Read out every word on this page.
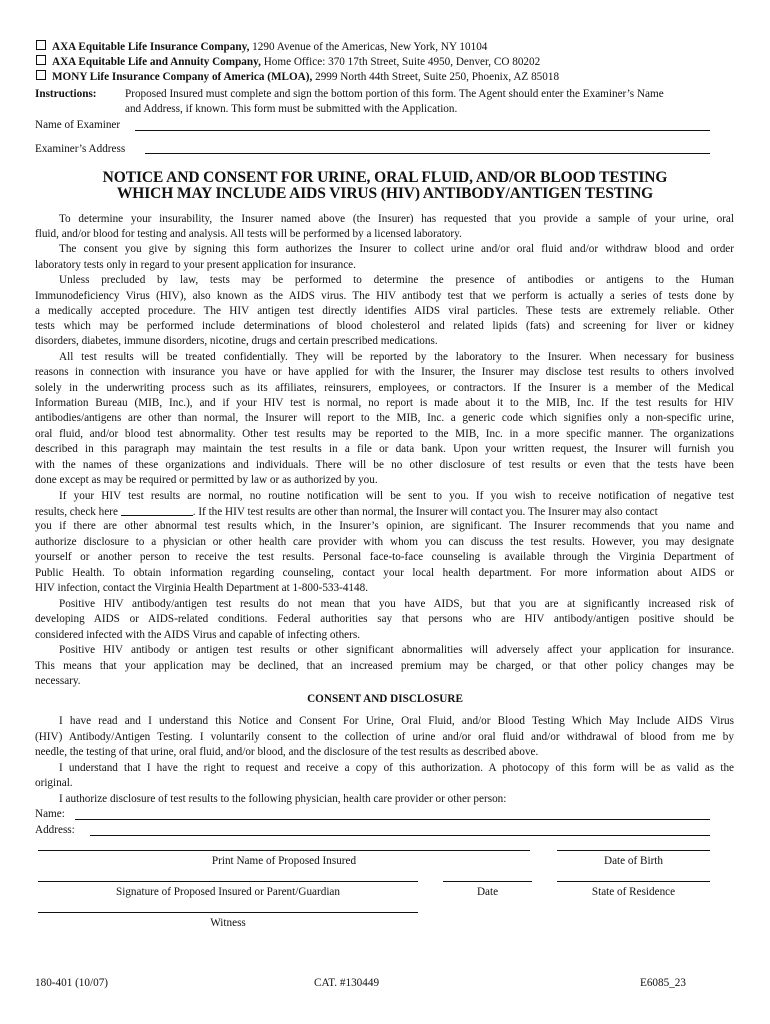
AXA Equitable Life Insurance Company, 1290 Avenue of the Americas, New York, NY 10104
AXA Equitable Life and Annuity Company, Home Office: 370 17th Street, Suite 4950, Denver, CO 80202
MONY Life Insurance Company of America (MLOA), 2999 North 44th Street, Suite 250, Phoenix, AZ 85018
Instructions:	Proposed Insured must complete and sign the bottom portion of this form. The Agent should enter the Examiner’s Name
and Address, if known. This form must be submitted with the Application.
Name of Examiner
Examiner’s Address
NOTICE AND CONSENT FOR URINE, ORAL FLUID, AND/OR BLOOD TESTING
WHICH MAY INCLUDE AIDS VIRUS (HIV) ANTIBODY/ANTIGEN TESTING
To determine your insurability, the Insurer named above (the Insurer) has requested that you provide a sample of your urine, oral
fluid, and/or blood for testing and analysis. All tests will be performed by a licensed laboratory.
The consent you give by signing this form authorizes the Insurer to collect urine and/or oral fluid and/or withdraw blood and order
laboratory tests only in regard to your present application for insurance.
Unless precluded by law, tests may be performed to determine the presence of antibodies or antigens to the Human
Immunodeficiency Virus (HIV), also known as the AIDS virus. The HIV antibody test that we perform is actually a series of tests done by
a medically accepted procedure. The HIV antigen test directly identifies AIDS viral particles. These tests are extremely reliable. Other
tests which may be performed include determinations of blood cholesterol and related lipids (fats) and screening for liver or kidney
disorders, diabetes, immune disorders, nicotine, drugs and certain prescribed medications.
All test results will be treated confidentially. They will be reported by the laboratory to the Insurer. When necessary for business
reasons in connection with insurance you have or have applied for with the Insurer, the Insurer may disclose test results to others involved
solely in the underwriting process such as its affiliates, reinsurers, employees, or contractors. If the Insurer is a member of the Medical
Information Bureau (MIB, Inc.), and if your HIV test is normal, no report is made about it to the MIB, Inc. If the test results for HIV
antibodies/antigens are other than normal, the Insurer will report to the MIB, Inc. a generic code which signifies only a non-specific urine,
oral fluid, and/or blood test abnormality. Other test results may be reported to the MIB, Inc. in a more specific manner. The organizations
described in this paragraph may maintain the test results in a file or data bank. Upon your written request, the Insurer will furnish you
with the names of these organizations and individuals. There will be no other disclosure of test results or even that the tests have been
done except as may be required or permitted by law or as authorized by you.
If your HIV test results are normal, no routine notification will be sent to you. If you wish to receive notification of negative test
results, check here	. If the HIV test results are other than normal, the Insurer will contact you. The Insurer may also contact
you if there are other abnormal test results which, in the Insurer’s opinion, are significant. The Insurer recommends that you name and
authorize disclosure to a physician or other health care provider with whom you can discuss the test results. However, you may designate
yourself or another person to receive the test results. Personal face-to-face counseling is available through the Virginia Department of
Public Health. To obtain information regarding counseling, contact your local health department. For more information about AIDS or
HIV infection, contact the Virginia Health Department at 1-800-533-4148.
Positive HIV antibody/antigen test results do not mean that you have AIDS, but that you are at significantly increased risk of
developing AIDS or AIDS-related conditions. Federal authorities say that persons who are HIV antibody/antigen positive should be
considered infected with the AIDS Virus and capable of infecting others.
Positive HIV antibody or antigen test results or other significant abnormalities will adversely affect your application for insurance.
This means that your application may be declined, that an increased premium may be charged, or that other policy changes may be
necessary.
CONSENT AND DISCLOSURE
I have read and I understand this Notice and Consent For Urine, Oral Fluid, and/or Blood Testing Which May Include AIDS Virus
(HIV) Antibody/Antigen Testing. I voluntarily consent to the collection of urine and/or oral fluid and/or withdrawal of blood from me by
needle, the testing of that urine, oral fluid, and/or blood, and the disclosure of the test results as described above.
I understand that I have the right to request and receive a copy of this authorization. A photocopy of this form will be as valid as the
original.
I authorize disclosure of test results to the following physician, health care provider or other person:
Name:
Address:
Print Name of Proposed Insured	Date of Birth
Signature of Proposed Insured or Parent/Guardian	Date	State of Residence
Witness
180-401 (10/07)	CAT. #130449	E6085_23
